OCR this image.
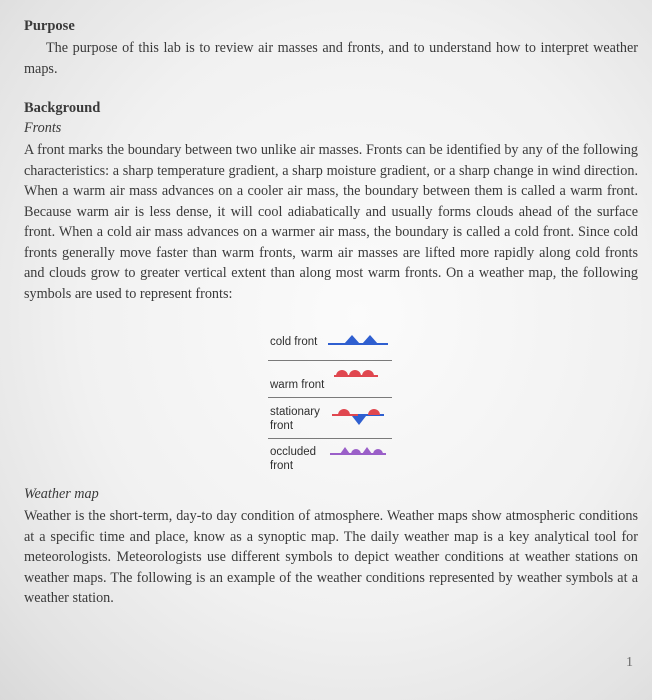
Purpose
The purpose of this lab is to review air masses and fronts, and to understand how to interpret weather maps.
Background
Fronts
A front marks the boundary between two unlike air masses. Fronts can be identified by any of the following characteristics: a sharp temperature gradient, a sharp moisture gradient, or a sharp change in wind direction. When a warm air mass advances on a cooler air mass, the boundary between them is called a warm front. Because warm air is less dense, it will cool adiabatically and usually forms clouds ahead of the surface front. When a cold air mass advances on a warmer air mass, the boundary is called a cold front. Since cold fronts generally move faster than warm fronts, warm air masses are lifted more rapidly along cold fronts and clouds grow to greater vertical extent than along most warm fronts. On a weather map, the following symbols are used to represent fronts:
cold front
warm front
stationary
front
occluded
front
Weather map
Weather is the short-term, day-to day condition of atmosphere. Weather maps show atmospheric conditions at a specific time and place, know as a synoptic map. The daily weather map is a key analytical tool for meteorologists. Meteorologists use different symbols to depict weather conditions at weather stations on weather maps. The following is an example of the weather conditions represented by weather symbols at a weather station.
1
